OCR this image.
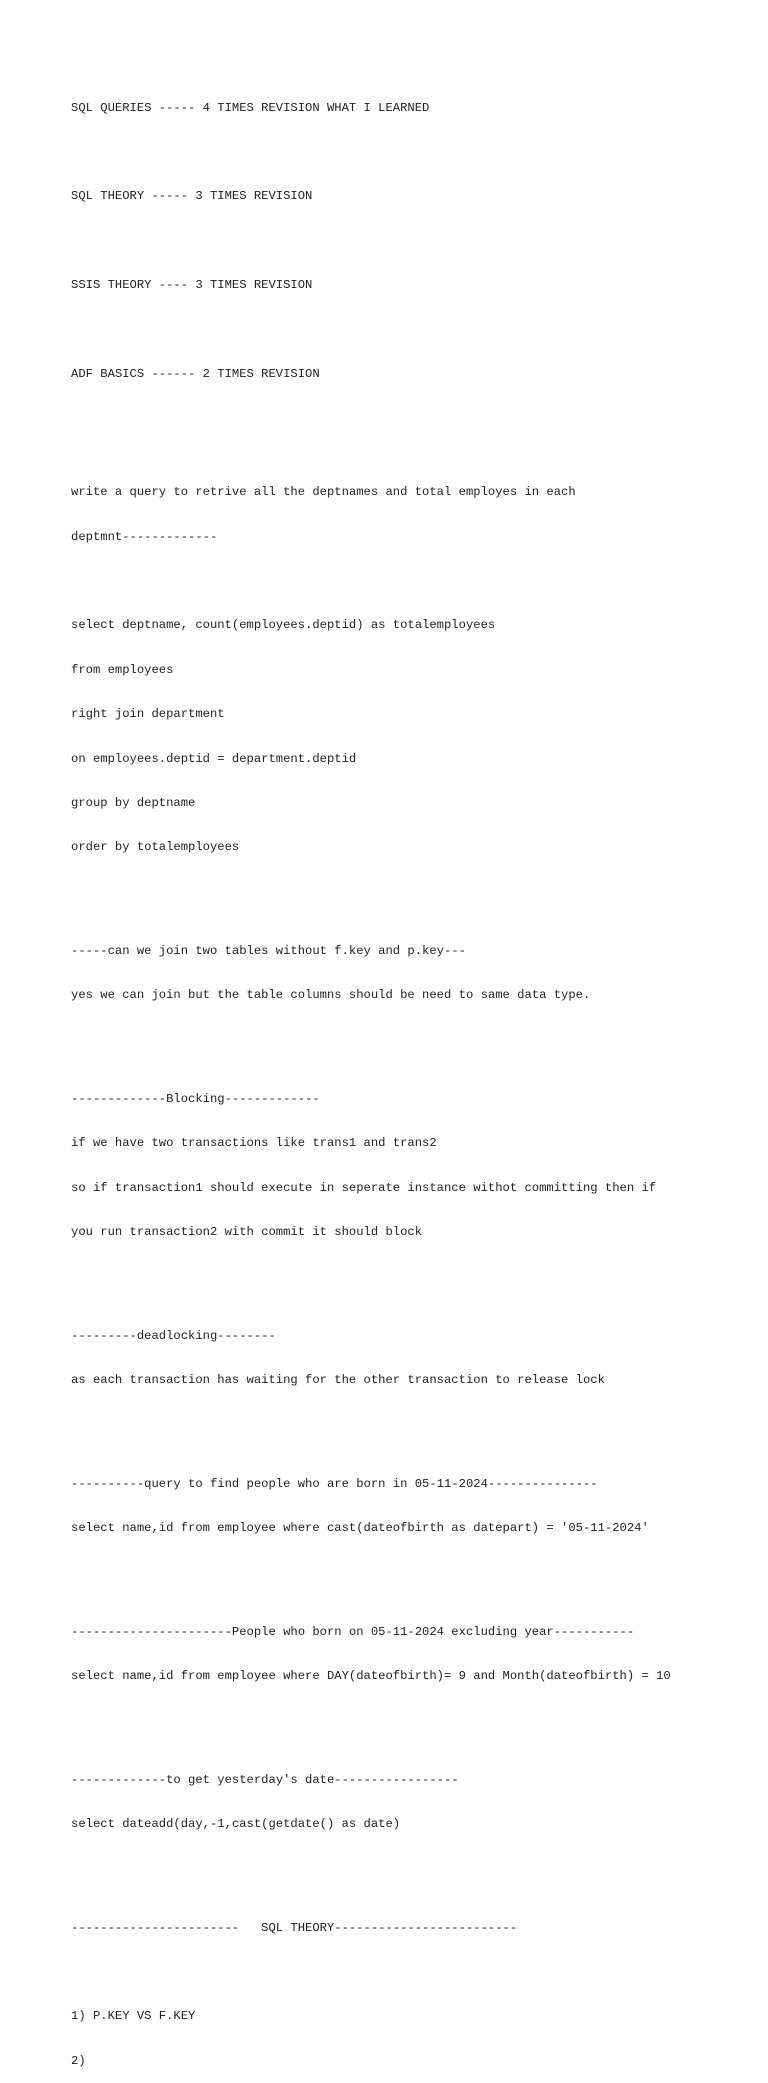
SQL QUERIES ----- 4 TIMES REVISION WHAT I LEARNED

SQL THEORY ----- 3 TIMES REVISION

SSIS THEORY ---- 3 TIMES REVISION

ADF BASICS ------ 2 TIMES REVISION

write a query to retrive all the deptnames and total employes in each

deptmnt-------------

select deptname, count(employees.deptid) as totalemployees

from employees

right join department

on employees.deptid = department.deptid

group by deptname

order by totalemployees

-----can we join two tables without f.key and p.key---

yes we can join but the table columns should be need to same data type.

-------------Blocking-------------

if we have two transactions like trans1 and trans2

so if transaction1 should execute in seperate instance withot committing then if

you run transaction2 with commit it should block

---------deadlocking--------

as each transaction has waiting for the other transaction to release lock

----------query to find people who are born in 05-11-2024---------------

select name,id from employee where cast(dateofbirth as datepart) = '05-11-2024'

----------------------People who born on 05-11-2024 excluding year-----------

select name,id from employee where DAY(dateofbirth)= 9 and Month(dateofbirth) = 10

-------------to get yesterday's date-----------------

select dateadd(day,-1,cast(getdate() as date)

-----------------------   SQL THEORY-------------------------

1) P.KEY VS F.KEY

2)
